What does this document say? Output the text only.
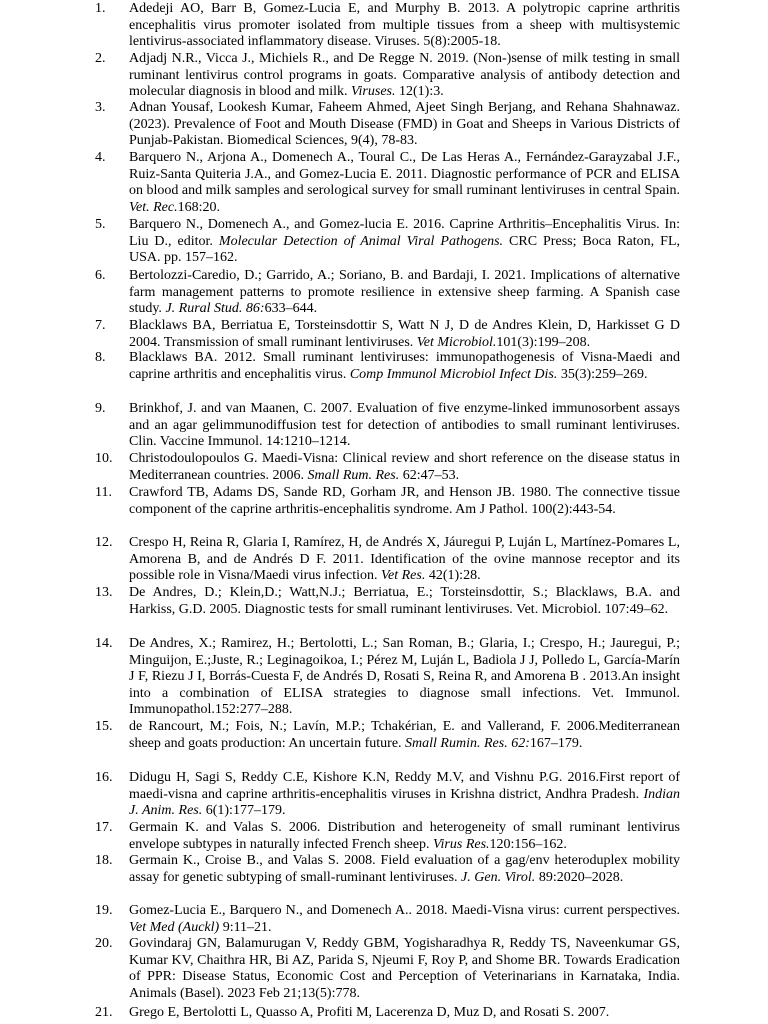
1. Adedeji AO, Barr B, Gomez-Lucia E, and Murphy B. 2013. A polytropic caprine arthritis encephalitis virus promoter isolated from multiple tissues from a sheep with multisystemic lentivirus-associated inflammatory disease. Viruses. 5(8):2005-18.
2. Adjadj N.R., Vicca J., Michiels R., and De Regge N. 2019. (Non-)sense of milk testing in small ruminant lentivirus control programs in goats. Comparative analysis of antibody detection and molecular diagnosis in blood and milk. Viruses. 12(1):3.
3. Adnan Yousaf, Lookesh Kumar, Faheem Ahmed, Ajeet Singh Berjang, and Rehana Shahnawaz. (2023). Prevalence of Foot and Mouth Disease (FMD) in Goat and Sheeps in Various Districts of Punjab-Pakistan. Biomedical Sciences, 9(4), 78-83.
4. Barquero N., Arjona A., Domenech A., Toural C., De Las Heras A., Fernández-Garayzabal J.F., Ruiz-Santa Quiteria J.A., and Gomez-Lucia E. 2011. Diagnostic performance of PCR and ELISA on blood and milk samples and serological survey for small ruminant lentiviruses in central Spain. Vet. Rec.168:20.
5. Barquero N., Domenech A., and Gomez-lucia E. 2016. Caprine Arthritis–Encephalitis Virus. In: Liu D., editor. Molecular Detection of Animal Viral Pathogens. CRC Press; Boca Raton, FL, USA. pp. 157–162.
6. Bertolozzi-Caredio, D.; Garrido, A.; Soriano, B. and Bardaji, I. 2021. Implications of alternative farm management patterns to promote resilience in extensive sheep farming. A Spanish case study. J. Rural Stud. 86:633–644.
7. Blacklaws BA, Berriatua E, Torsteinsdottir S, Watt N J, D de Andres Klein, D, Harkisset G D 2004. Transmission of small ruminant lentiviruses. Vet Microbiol.101(3):199–208.
8. Blacklaws BA. 2012. Small ruminant lentiviruses: immunopathogenesis of Visna-Maedi and caprine arthritis and encephalitis virus. Comp Immunol Microbiol Infect Dis. 35(3):259–269.
9. Brinkhof, J. and van Maanen, C. 2007. Evaluation of five enzyme-linked immunosorbent assays and an agar gelimmunodiffusion test for detection of antibodies to small ruminant lentiviruses. Clin. Vaccine Immunol. 14:1210–1214.
10. Christodoulopoulos G. Maedi-Visna: Clinical review and short reference on the disease status in Mediterranean countries. 2006. Small Rum. Res. 62:47–53.
11. Crawford TB, Adams DS, Sande RD, Gorham JR, and Henson JB. 1980. The connective tissue component of the caprine arthritis-encephalitis syndrome. Am J Pathol. 100(2):443-54.
12. Crespo H, Reina R, Glaria I, Ramírez, H, de Andrés X, Jáuregui P, Luján L, Martínez-Pomares L, Amorena B, and de Andrés D F. 2011. Identification of the ovine mannose receptor and its possible role in Visna/Maedi virus infection. Vet Res. 42(1):28.
13. De Andres, D.; Klein,D.; Watt,N.J.; Berriatua, E.; Torsteinsdottir, S.; Blacklaws, B.A. and Harkiss, G.D. 2005. Diagnostic tests for small ruminant lentiviruses. Vet. Microbiol. 107:49–62.
14. De Andres, X.; Ramirez, H.; Bertolotti, L.; San Roman, B.; Glaria, I.; Crespo, H.; Jauregui, P.; Minguijon, E.;Juste, R.; Leginagoikoa, I.; Pérez M, Luján L, Badiola J J, Polledo L, García-Marín J F, Riezu J I, Borrás-Cuesta F, de Andrés D, Rosati S, Reina R, and Amorena B . 2013.An insight into a combination of ELISA strategies to diagnose small infections. Vet. Immunol. Immunopathol.152:277–288.
15. de Rancourt, M.; Fois, N.; Lavín, M.P.; Tchakérian, E. and Vallerand, F. 2006.Mediterranean sheep and goats production: An uncertain future. Small Rumin. Res. 62:167–179.
16. Didugu H, Sagi S, Reddy C.E, Kishore K.N, Reddy M.V, and Vishnu P.G. 2016.First report of maedi-visna and caprine arthritis-encephalitis viruses in Krishna district, Andhra Pradesh. Indian J. Anim. Res. 6(1):177–179.
17. Germain K. and Valas S. 2006. Distribution and heterogeneity of small ruminant lentivirus envelope subtypes in naturally infected French sheep. Virus Res.120:156–162.
18. Germain K., Croise B., and Valas S. 2008. Field evaluation of a gag/env heteroduplex mobility assay for genetic subtyping of small-ruminant lentiviruses. J. Gen. Virol. 89:2020–2028.
19. Gomez-Lucia E., Barquero N., and Domenech A.. 2018. Maedi-Visna virus: current perspectives. Vet Med (Auckl) 9:11–21.
20. Govindaraj GN, Balamurugan V, Reddy GBM, Yogisharadhya R, Reddy TS, Naveenkumar GS, Kumar KV, Chaithra HR, Bi AZ, Parida S, Njeumi F, Roy P, and Shome BR. Towards Eradication of PPR: Disease Status, Economic Cost and Perception of Veterinarians in Karnataka, India. Animals (Basel). 2023 Feb 21;13(5):778.
21. Grego E, Bertolotti L, Quasso A, Profiti M, Lacerenza D, Muz D, and Rosati S. 2007.
